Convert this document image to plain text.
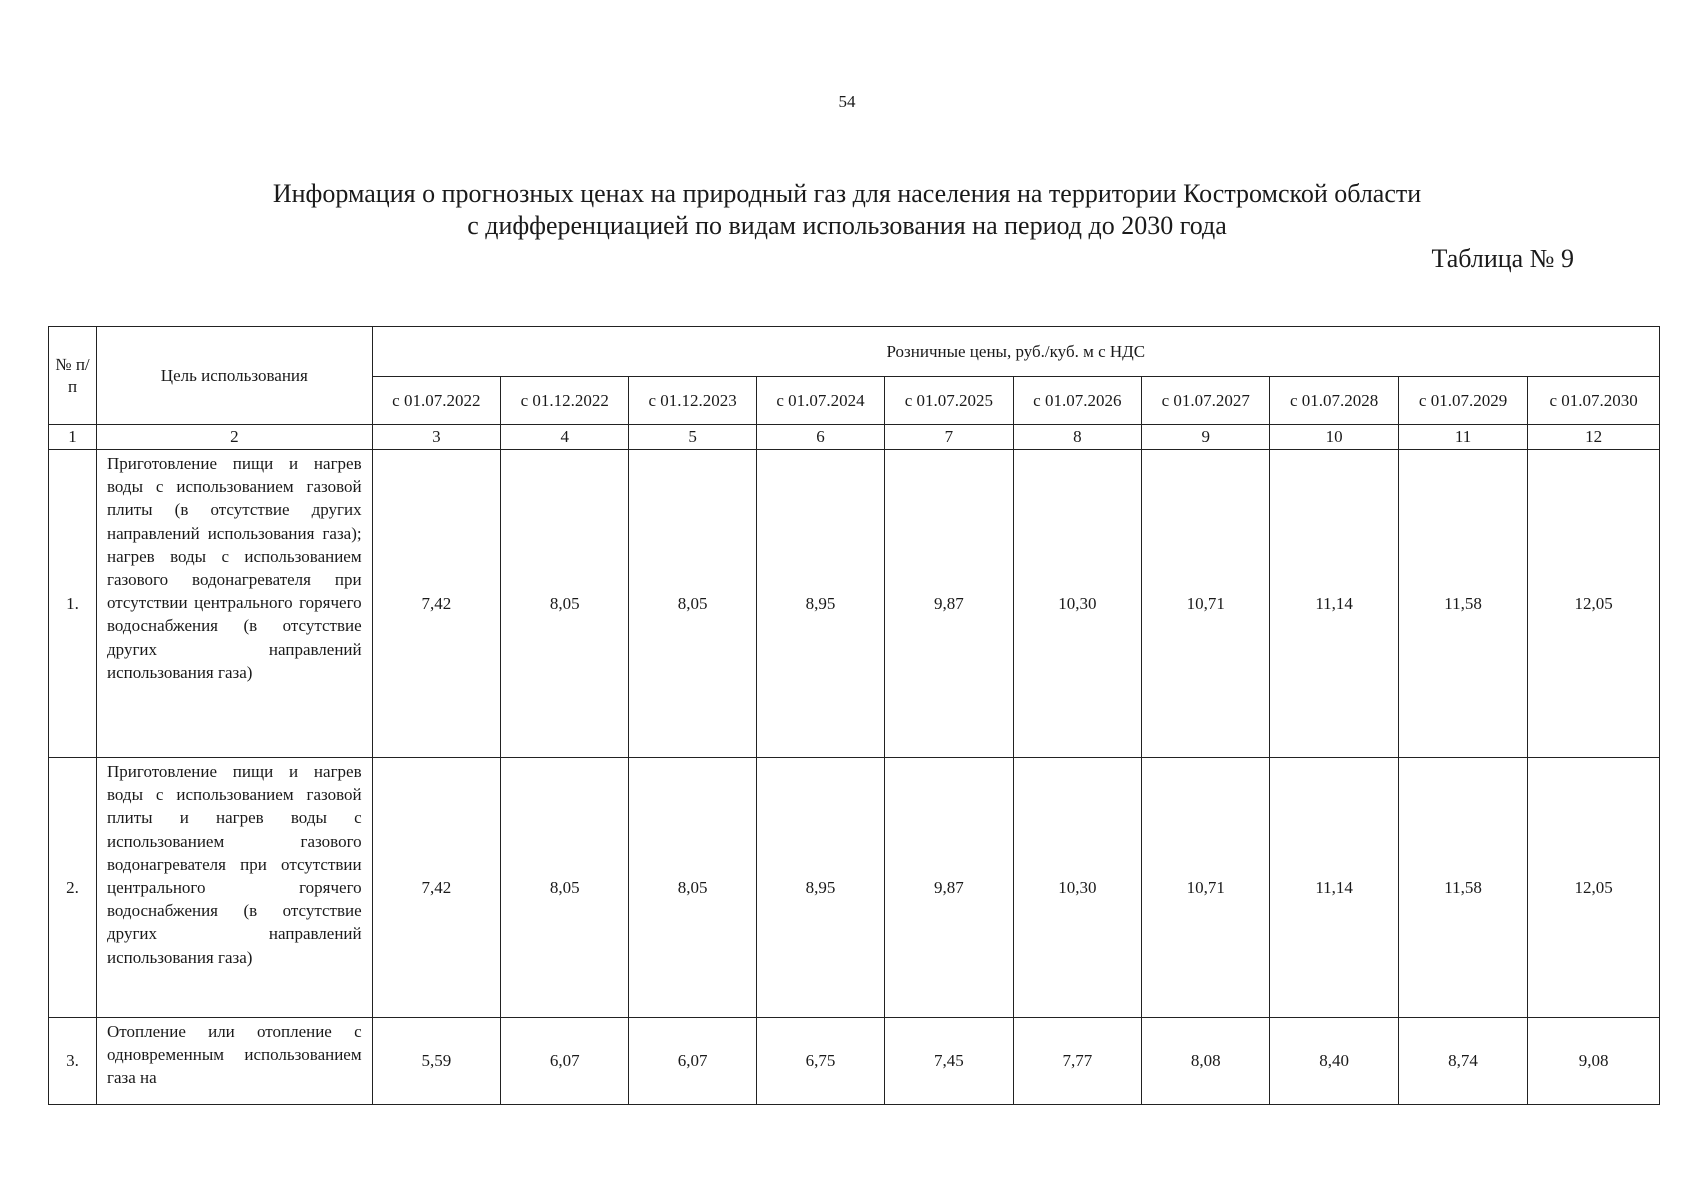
54
Информация о прогнозных ценах на природный газ для населения на территории Костромской области
с дифференциацией по видам использования на период до 2030 года
Таблица № 9
№ п/п	Цель использования	Розничные цены, руб./куб. м с НДС									
		с 01.07.2022	с 01.12.2022	с 01.12.2023	с 01.07.2024	с 01.07.2025	с 01.07.2026	с 01.07.2027	с 01.07.2028	с 01.07.2029	с 01.07.2030
1	2	3	4	5	6	7	8	9	10	11	12
1.	Приготовление пищи и нагрев воды с использованием газовой плиты (в отсутствие других направлений использования газа); нагрев воды с использованием газового водонагревателя при отсутствии центрального горячего водоснабжения (в отсутствие других направлений использования газа)	7,42	8,05	8,05	8,95	9,87	10,30	10,71	11,14	11,58	12,05
2.	Приготовление пищи и нагрев воды с использованием газовой плиты и нагрев воды с использованием газового водонагревателя при отсутствии центрального горячего водоснабжения (в отсутствие других направлений использования газа)	7,42	8,05	8,05	8,95	9,87	10,30	10,71	11,14	11,58	12,05
3.	Отопление или отопление с одновременным использованием газа на	5,59	6,07	6,07	6,75	7,45	7,77	8,08	8,40	8,74	9,08
